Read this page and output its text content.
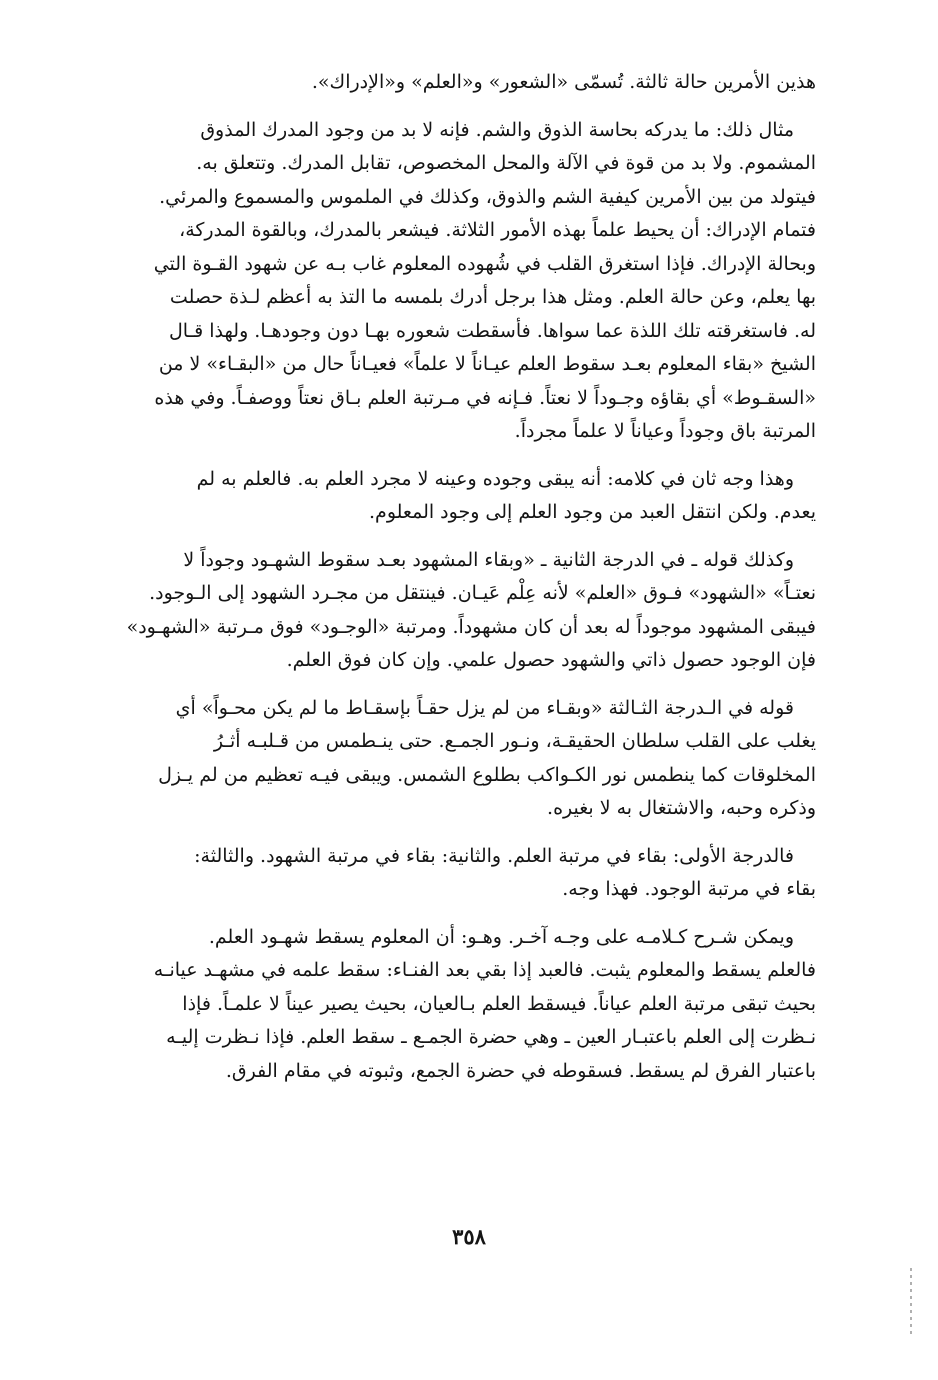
هذين الأمرين حالة ثالثة. تُسمّى «الشعور» و«العلم» و«الإدراك».

مثال ذلك: ما يدركه بحاسة الذوق والشم. فإنه لا بد من وجود المدرك المذوق
المشموم. ولا بد من قوة في الآلة والمحل المخصوص، تقابل المدرك. وتتعلق به.
فيتولد من بين الأمرين كيفية الشم والذوق، وكذلك في الملموس والمسموع والمرئي.
فتمام الإدراك: أن يحيط علماً بهذه الأمور الثلاثة. فيشعر بالمدرك، وبالقوة المدركة،
وبحالة الإدراك. فإذا استغرق القلب في شُهوده المعلوم غاب بـه عن شهود القـوة التي
بها يعلم، وعن حالة العلم. ومثل هذا برجل أدرك بلمسه ما التذ به أعظم لـذة حصلت
له. فاستغرقته تلك اللذة عما سواها. فأسقطت شعوره بهـا دون وجودهـا. ولهذا قـال
الشيخ «بقاء المعلوم بعـد سقوط العلم عيـاناً لا علماً» فعيـاناً حال من «البقـاء» لا من
«السقـوط» أي بقاؤه وجـوداً لا نعتاً. فـإنه في مـرتبة العلم بـاق نعتاً ووصفـاً. وفي هذه
المرتبة باق وجوداً وعياناً لا علماً مجرداً.

وهذا وجه ثان في كلامه: أنه يبقى وجوده وعينه لا مجرد العلم به. فالعلم به لم
يعدم. ولكن انتقل العبد من وجود العلم إلى وجود المعلوم.

وكذلك قوله ـ في الدرجة الثانية ـ «وبقاء المشهود بعـد سقوط الشهـود وجوداً لا
نعتـاً» «الشهود» فـوق «العلم» لأنه عِلْم عَيـان. فينتقل من مجـرد الشهود إلى الـوجود.
فيبقى المشهود موجوداً له بعد أن كان مشهوداً. ومرتبة «الوجـود» فوق مـرتبة «الشهـود»
فإن الوجود حصول ذاتي والشهود حصول علمي. وإن كان فوق العلم.

قوله في الـدرجة الثـالثة «وبقـاء من لم يزل حقـاً بإسقـاط ما لم يكن محـواً» أي
يغلب على القلب سلطان الحقيقـة، ونـور الجمـع. حتى ينـطمس من قـلبـه أثـرُ
المخلوقات كما ينطمس نور الكـواكب بطلوع الشمس. ويبقى فيـه تعظيم من لم يـزل
وذكره وحبه، والاشتغال به لا بغيره.

فالدرجة الأولى: بقاء في مرتبة العلم. والثانية: بقاء في مرتبة الشهود. والثالثة:
بقاء في مرتبة الوجود. فهذا وجه.

ويمكن شـرح كـلامـه على وجـه آخـر. وهـو: أن المعلوم يسقط شهـود العلم.
فالعلم يسقط والمعلوم يثبت. فالعبد إذا بقي بعد الفنـاء: سقط علمه في مشهـد عيانـه
بحيث تبقى مرتبة العلم عياناً. فيسقط العلم بـالعيان، بحيث يصير عيناً لا علمـاً. فإذا
نـظرت إلى العلم باعتبـار العين ـ وهي حضرة الجمـع ـ سقط العلم. فإذا نـظرت إليـه
باعتبار الفرق لم يسقط. فسقوطه في حضرة الجمع، وثبوته في مقام الفرق.

٣٥٨
